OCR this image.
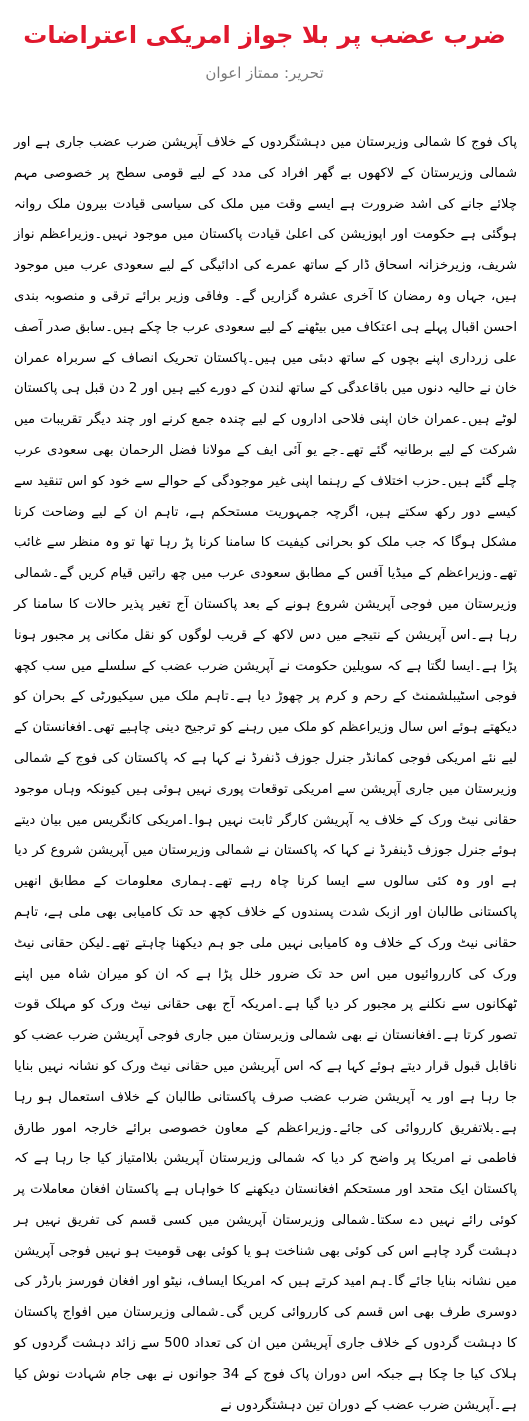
ضرب عضب پر بلا جواز امریکی اعتراضات
تحریر: ممتاز اعوان

پاک فوج کا شمالی وزیرستان میں دہشتگردوں کے خلاف آپریشن ضرب عضب جاری ہے اور شمالی وزیرستان کے لاکھوں بے گھر افراد کی مدد کے لیے قومی سطح پر خصوصی مہم چلائے جانے کی اشد ضرورت ہے ایسے وقت میں ملک کی سیاسی قیادت بیرون ملک روانہ ہوگئی ہے حکومت اور اپوزیشن کی اعلیٰ قیادت پاکستان میں موجود نہیں۔وزیراعظم نواز شریف، وزیرخزانہ اسحاق ڈار کے ساتھ عمرے کی ادائیگی کے لیے سعودی عرب میں موجود ہیں، جہاں وہ رمضان کا آخری عشرہ گزاریں گے۔ وفاقی وزیر برائے ترقی و منصوبہ بندی احسن اقبال پہلے ہی اعتکاف میں بیٹھنے کے لیے سعودی عرب جا چکے ہیں۔سابق صدر آصف علی زرداری اپنے بچوں کے ساتھ دبئی میں ہیں۔پاکستان تحریک انصاف کے سربراہ عمران خان نے حالیہ دنوں میں باقاعدگی کے ساتھ لندن کے دورے کیے ہیں اور 2 دن قبل ہی پاکستان لوٹے ہیں۔عمران خان اپنی فلاحی اداروں کے لیے چندہ جمع کرنے اور چند دیگر تقریبات میں شرکت کے لیے برطانیہ گئے تھے۔جے یو آئی ایف کے مولانا فضل الرحمان بھی سعودی عرب چلے گئے ہیں۔حزب اختلاف کے رہنما اپنی غیر موجودگی کے حوالے سے خود کو اس تنقید سے کیسے دور رکھ سکتے ہیں، اگرچہ جمہوریت مستحکم ہے، تاہم ان کے لیے وضاحت کرنا مشکل ہوگا کہ جب ملک کو بحرانی کیفیت کا سامنا کرنا پڑ رہا تھا تو وہ منظر سے غائب تھے۔وزیراعظم کے میڈیا آفس کے مطابق سعودی عرب میں چھ راتیں قیام کریں گے۔شمالی وزیرستان میں فوجی آپریشن شروع ہونے کے بعد پاکستان آج تغیر پذیر حالات کا سامنا کر رہا ہے۔اس آپریشن کے نتیجے میں دس لاکھ کے قریب لوگوں کو نقل مکانی پر مجبور ہونا پڑا ہے۔ایسا لگتا ہے کہ سویلین حکومت نے آپریشن ضرب عضب کے سلسلے میں سب کچھ فوجی اسٹیبلشمنٹ کے رحم و کرم پر چھوڑ دیا ہے۔تاہم ملک میں سیکیورٹی کے بحران کو دیکھتے ہوئے اس سال وزیراعظم کو ملک میں رہنے کو ترجیح دینی چاہیے تھی۔افغانستان کے لیے نئے امریکی فوجی کمانڈر جنرل جوزف ڈنفرڈ نے کہا ہے کہ پاکستان کی فوج کے شمالی وزیرستان میں جاری آپریشن سے امریکی توقعات پوری نہیں ہوئی ہیں کیونکہ وہاں موجود حقانی نیٹ ورک کے خلاف یہ آپریشن کارگر ثابت نہیں ہوا۔امریکی کانگریس میں بیان دیتے ہوئے جنرل جوزف ڈینفرڈ نے کہا کہ پاکستان نے شمالی وزیرستان میں آپریشن شروع کر دیا ہے اور وہ کئی سالوں سے ایسا کرنا چاہ رہے تھے۔ہماری معلومات کے مطابق انھیں پاکستانی طالبان اور ازبک شدت پسندوں کے خلاف کچھ حد تک کامیابی بھی ملی ہے، تاہم حقانی نیٹ ورک کے خلاف وہ کامیابی نہیں ملی جو ہم دیکھنا چاہتے تھے۔لیکن حقانی نیٹ ورک کی کارروائیوں میں اس حد تک ضرور خلل پڑا ہے کہ ان کو میران شاہ میں اپنے ٹھکانوں سے نکلنے پر مجبور کر دیا گیا ہے۔امریکہ آج بھی حقانی نیٹ ورک کو مہلک قوت تصور کرتا ہے۔افغانستان نے بھی شمالی وزیرستان میں جاری فوجی آپریشن ضرب عضب کو ناقابل قبول قرار دیتے ہوئے کہا ہے کہ اس آپریشن میں حقانی نیٹ ورک کو نشانہ نہیں بنایا جا رہا ہے اور یہ آپریشن ضرب عضب صرف پاکستانی طالبان کے خلاف استعمال ہو رہا ہے۔بلاتفریق کارروائی کی جائے۔وزیراعظم کے معاون خصوصی برائے خارجہ امور طارق فاطمی نے امریکا پر واضح کر دیا کہ شمالی وزیرستان آپریشن بلاامتیاز کیا جا رہا ہے کہ پاکستان ایک متحد اور مستحکم افغانستان دیکھنے کا خواہاں ہے پاکستان افغان معاملات پر کوئی رائے نہیں دے سکتا۔شمالی وزیرستان آپریشن میں کسی قسم کی تفریق نہیں ہر دہشت گرد چاہے اس کی کوئی بھی شناخت ہو یا کوئی بھی قومیت ہو نہیں فوجی آپریشن میں نشانہ بنایا جائے گا۔ہم امید کرتے ہیں کہ امریکا ایساف، نیٹو اور افغان فورسز بارڈر کی دوسری طرف بھی اس قسم کی کارروائی کریں گی۔شمالی وزیرستان میں افواج پاکستان کا دہشت گردوں کے خلاف جاری آپریشن میں ان کی تعداد 500 سے زائد دہشت گردوں کو ہلاک کیا جا چکا ہے جبکہ اس دوران پاک فوج کے 34 جوانوں نے بھی جام شہادت نوش کیا ہے۔آپریشن ضرب عضب کے دوران تین دہشتگردوں نے
